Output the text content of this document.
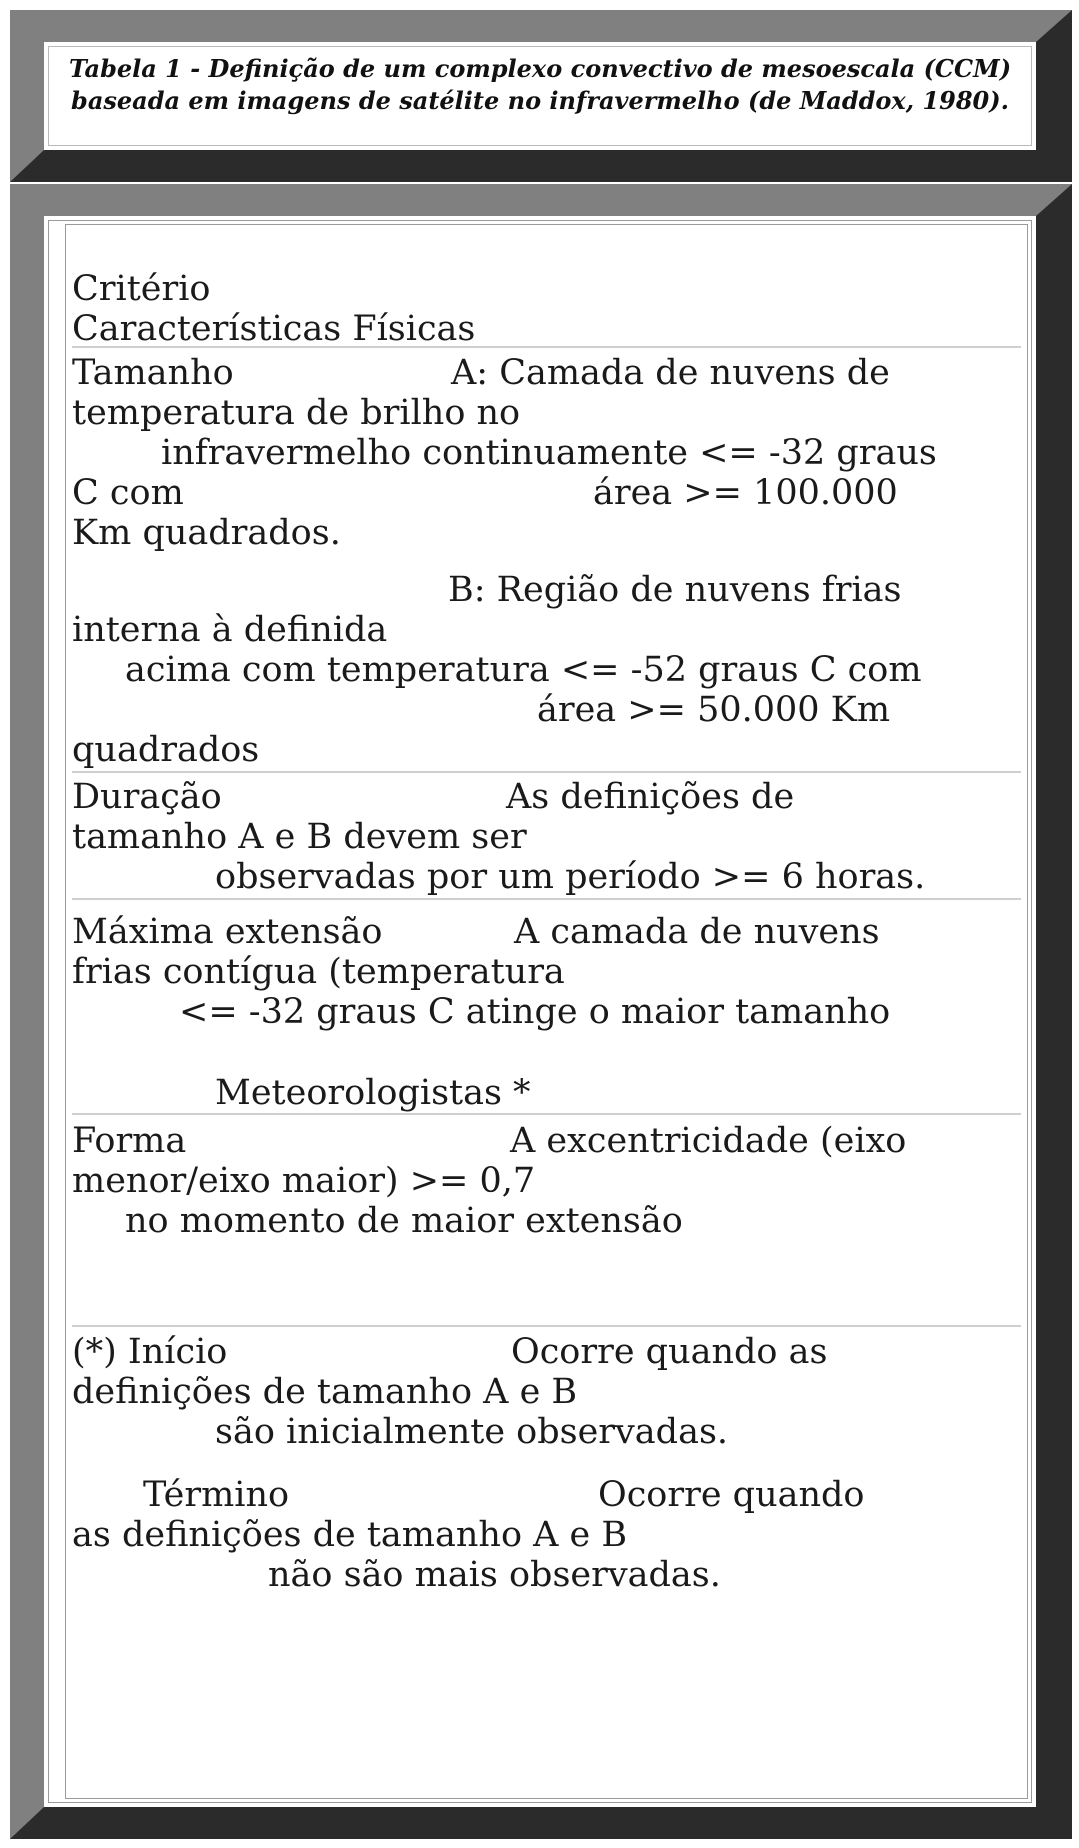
Tabela 1 - Definição de um complexo convectivo de mesoescala (CCM)
baseada em imagens de satélite no infravermelho (de Maddox, 1980).
Critério
Características Físicas
Tamanho	A: Camada de nuvens de
temperatura de brilho no
infravermelho continuamente <= -32 graus
C com	área >= 100.000
Km quadrados.
B: Região de nuvens frias
interna à definida
acima com temperatura <= -52 graus C com
área >= 50.000 Km
quadrados
Duração	As definições de
tamanho A e B devem ser
observadas por um período >= 6 horas.
Máxima extensão	A camada de nuvens
frias contígua (temperatura
<= -32 graus C atinge o maior tamanho
Meteorologistas *
Forma	A excentricidade (eixo
menor/eixo maior) >= 0,7
no momento de maior extensão
(*) Início	Ocorre quando as
definições de tamanho A e B
são inicialmente observadas.
Término	Ocorre quando
as definições de tamanho A e B
não são mais observadas.
